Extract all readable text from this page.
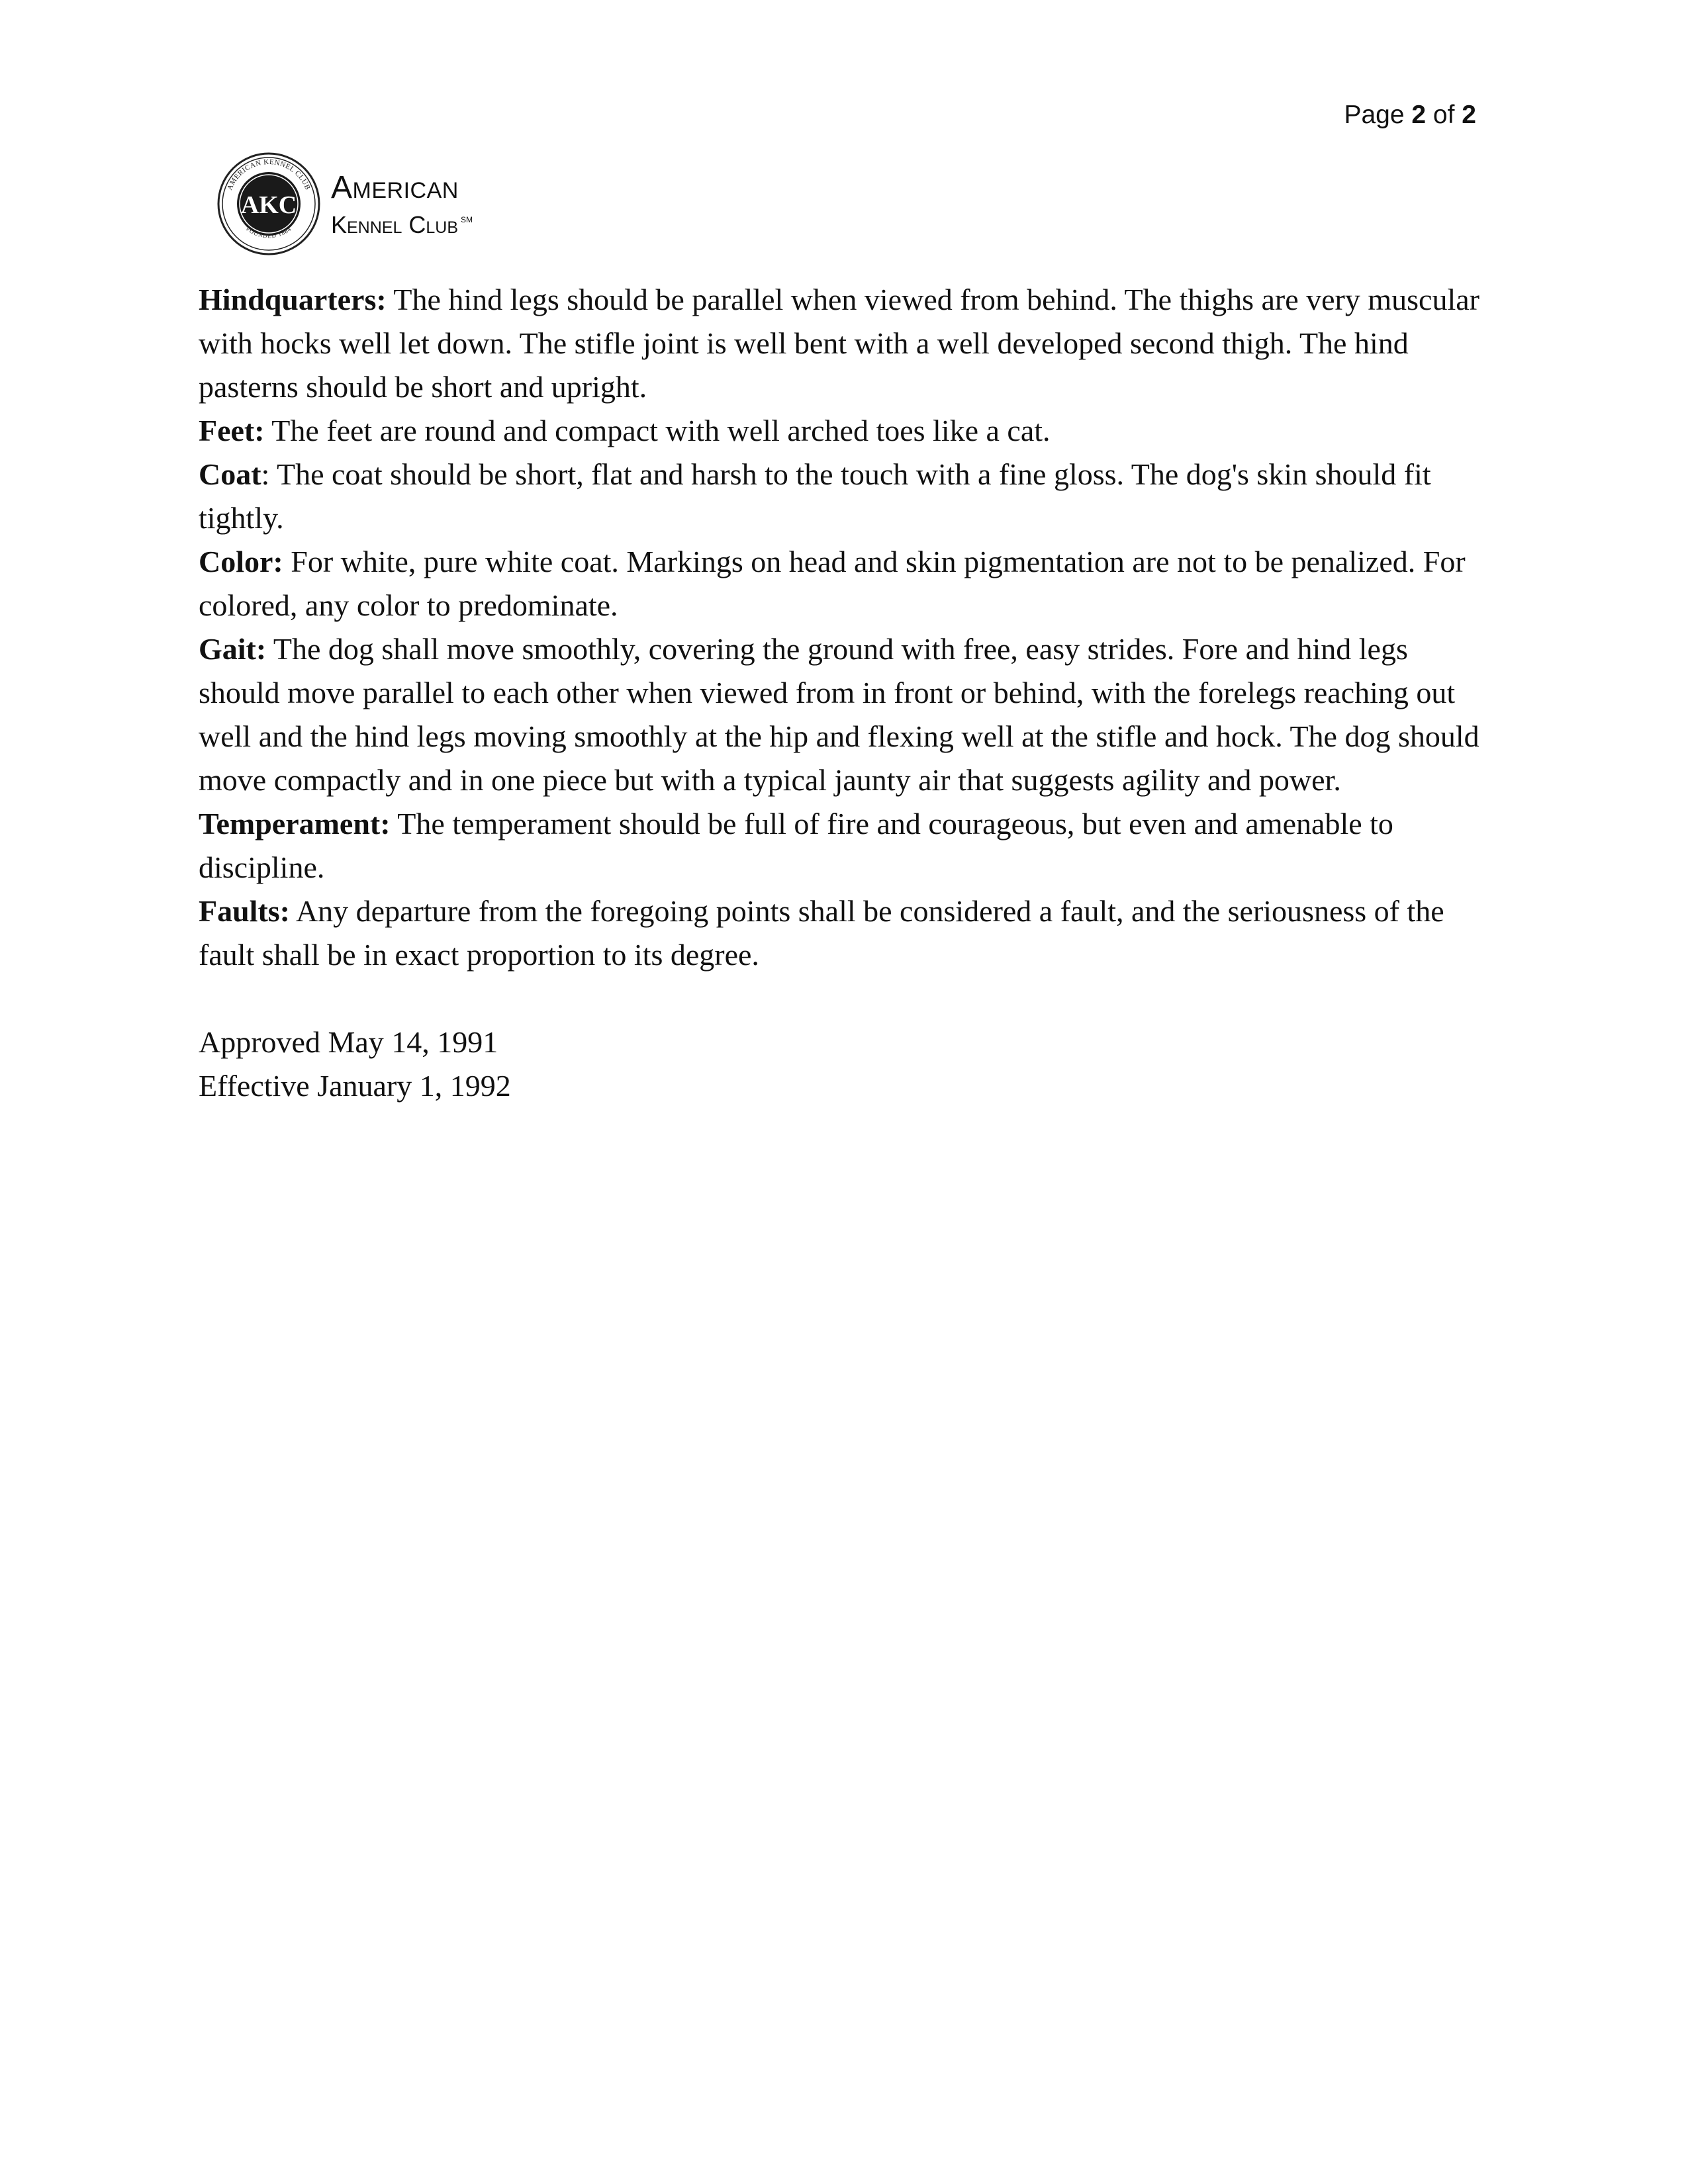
Page 2 of 2
AMERICAN KENNEL CLUB
FOUNDED 1884
AKC American
Kennel Club ℠

Hindquarters: The hind legs should be parallel when viewed from behind. The thighs are very muscular with hocks well let down. The stifle joint is well bent with a well developed second thigh. The hind pasterns should be short and upright.

Feet: The feet are round and compact with well arched toes like a cat.

Coat: The coat should be short, flat and harsh to the touch with a fine gloss. The dog's skin should fit tightly.

Color: For white, pure white coat. Markings on head and skin pigmentation are not to be penalized. For colored, any color to predominate.

Gait: The dog shall move smoothly, covering the ground with free, easy strides. Fore and hind legs should move parallel to each other when viewed from in front or behind, with the forelegs reaching out well and the hind legs moving smoothly at the hip and flexing well at the stifle and hock. The dog should move compactly and in one piece but with a typical jaunty air that suggests agility and power.

Temperament: The temperament should be full of fire and courageous, but even and amenable to discipline.

Faults: Any departure from the foregoing points shall be considered a fault, and the seriousness of the fault shall be in exact proportion to its degree.

Approved May 14, 1991
Effective January 1, 1992
